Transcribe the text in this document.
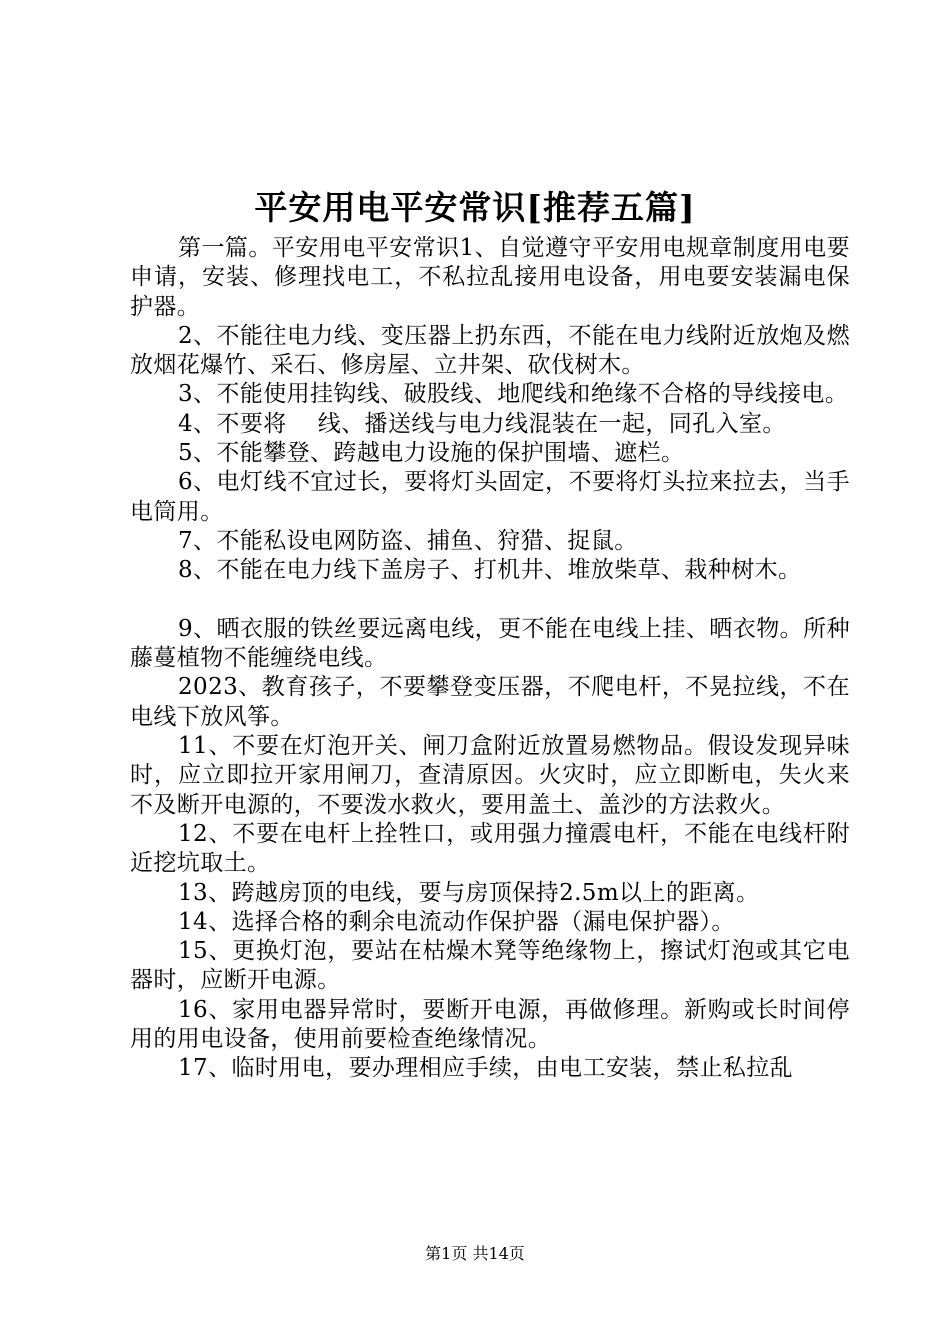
平安用电平安常识[推荐五篇]

第一篇。平安用电平安常识1、自觉遵守平安用电规章制度用电要申请，安装、修理找电工，不私拉乱接用电设备，用电要安装漏电保护器。

2、不能往电力线、变压器上扔东西，不能在电力线附近放炮及燃放烟花爆竹、采石、修房屋、立井架、砍伐树木。

3、不能使用挂钩线、破股线、地爬线和绝缘不合格的导线接电。

4、不要将　 线、播送线与电力线混装在一起，同孔入室。

5、不能攀登、跨越电力设施的保护围墙、遮栏。

6、电灯线不宜过长，要将灯头固定，不要将灯头拉来拉去，当手电筒用。

7、不能私设电网防盗、捕鱼、狩猎、捉鼠。

8、不能在电力线下盖房子、打机井、堆放柴草、栽种树木。

9、晒衣服的铁丝要远离电线，更不能在电线上挂、晒衣物。所种藤蔓植物不能缠绕电线。

2023、教育孩子，不要攀登变压器，不爬电杆，不晃拉线，不在电线下放风筝。

11、不要在灯泡开关、闸刀盒附近放置易燃物品。假设发现异味时，应立即拉开家用闸刀，查清原因。火灾时，应立即断电，失火来不及断开电源的，不要泼水救火，要用盖土、盖沙的方法救火。

12、不要在电杆上拴牲口，或用强力撞震电杆，不能在电线杆附近挖坑取土。

13、跨越房顶的电线，要与房顶保持2.5m以上的距离。

14、选择合格的剩余电流动作保护器（漏电保护器）。

15、更换灯泡，要站在枯燥木凳等绝缘物上，擦试灯泡或其它电器时，应断开电源。

16、家用电器异常时，要断开电源，再做修理。新购或长时间停用的用电设备，使用前要检查绝缘情况。

17、临时用电，要办理相应手续，由电工安装，禁止私拉乱

第1页 共14页
